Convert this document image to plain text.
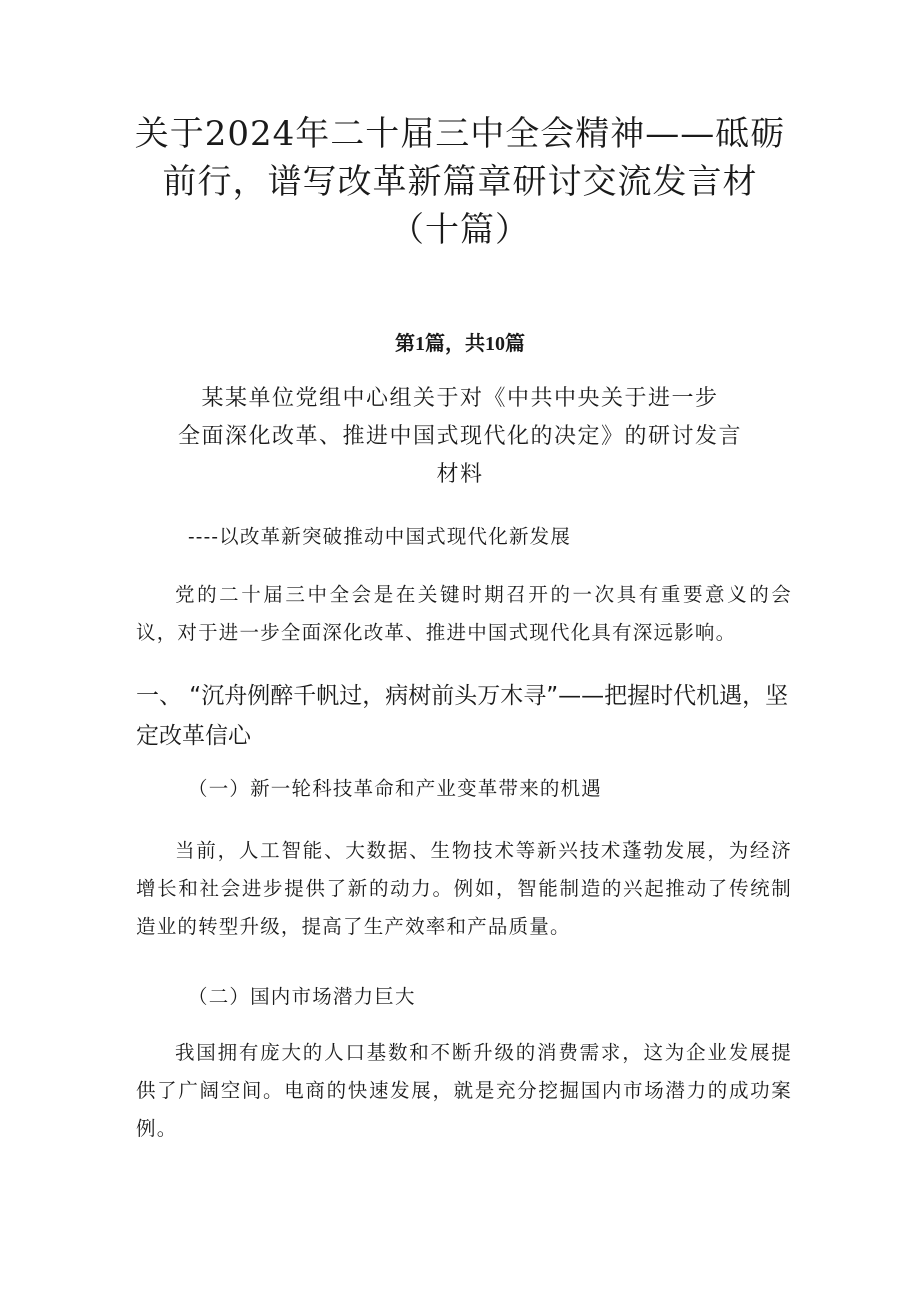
关于2024年二十届三中全会精神——砥砺
前行，谱写改革新篇章研讨交流发言材
（十篇）
第1篇，共10篇
某某单位党组中心组关于对《中共中央关于进一步
全面深化改革、推进中国式现代化的决定》的研讨发言
材料
----以改革新突破推动中国式现代化新发展
党的二十届三中全会是在关键时期召开的一次具有重要意义的会议，对于进一步全面深化改革、推进中国式现代化具有深远影响。
一、 “沉舟例醉千帆过，病树前头万木寻”——把握时代机遇，坚定改革信心
（一）新一轮科技革命和产业变革带来的机遇
当前，人工智能、大数据、生物技术等新兴技术蓬勃发展，为经济增长和社会进步提供了新的动力。例如，智能制造的兴起推动了传统制造业的转型升级，提高了生产效率和产品质量。
（二）国内市场潜力巨大
我国拥有庞大的人口基数和不断升级的消费需求，这为企业发展提供了广阔空间。电商的快速发展，就是充分挖掘国内市场潜力的成功案例。
